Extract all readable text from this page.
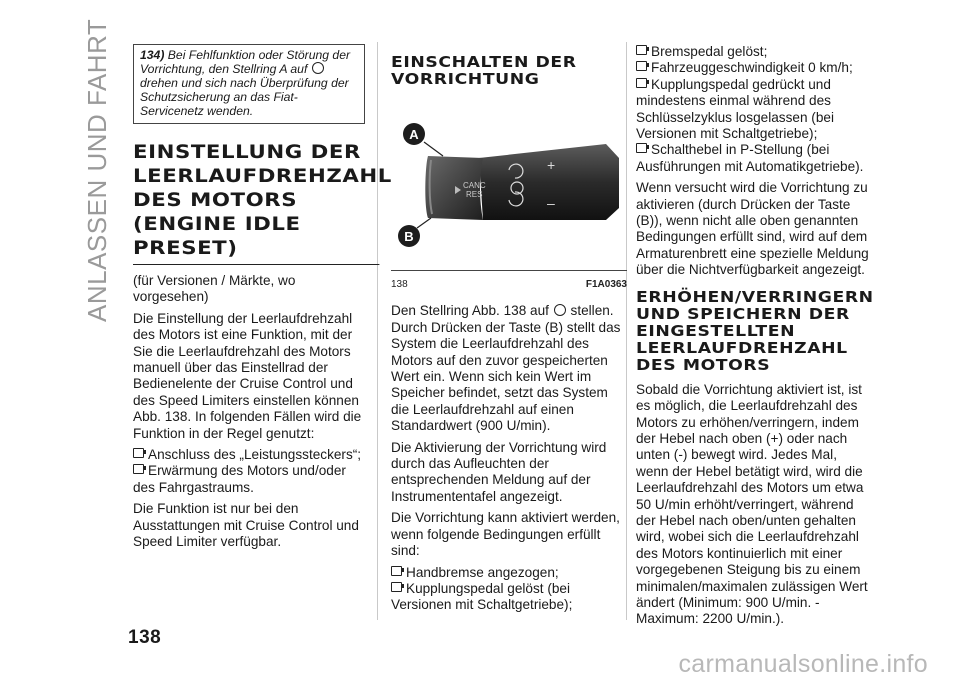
ANLASSEN UND FAHRT	134) Bei Fehlfunktion oder Störung der Vorrichtung, den Stellring A auf  drehen und sich nach Überprüfung der Schutzsicherung an das Fiat-Servicenetz wenden.
EINSTELLUNG DER LEERLAUFDREHZAHL DES MOTORS (ENGINE IDLE PRESET)

(für Versionen / Märkte, wo vorgesehen)

Die Einstellung der Leerlaufdrehzahl des Motors ist eine Funktion, mit der Sie die Leerlaufdrehzahl des Motors manuell über das Einstellrad der Bedienelente der Cruise Control und des Speed Limiters einstellen können Abb. 138. In folgenden Fällen wird die Funktion in der Regel genutzt:

Anschluss des „Leistungssteckers“;
Erwärmung des Motors und/oder des Fahrgastraums.

Die Funktion ist nur bei den Ausstattungen mit Cruise Control und Speed Limiter verfügbar.

EINSCHALTEN DER VORRICHTUNG
CANC
RES
+
–
A
B
138	F1A0363

Den Stellring Abb. 138 auf stellen. Durch Drücken der Taste (B) stellt das System die Leerlaufdrehzahl des Motors auf den zuvor gespeicherten Wert ein. Wenn sich kein Wert im Speicher befindet, setzt das System die Leerlaufdrehzahl auf einen Standardwert (900 U/min).

Die Aktivierung der Vorrichtung wird durch das Aufleuchten der entsprechenden Meldung auf der Instrumententafel angezeigt.

Die Vorrichtung kann aktiviert werden, wenn folgende Bedingungen erfüllt sind:

Handbremse angezogen;
Kupplungspedal gelöst (bei Versionen mit Schaltgetriebe);
Bremspedal gelöst;
Fahrzeuggeschwindigkeit 0 km/h;
Kupplungspedal gedrückt und mindestens einmal während des Schlüsselzyklus losgelassen (bei Versionen mit Schaltgetriebe);
Schalthebel in P-Stellung (bei Ausführungen mit Automatikgetriebe).

Wenn versucht wird die Vorrichtung zu aktivieren (durch Drücken der Taste (B)), wenn nicht alle oben genannten Bedingungen erfüllt sind, wird auf dem Armaturenbrett eine spezielle Meldung über die Nichtverfügbarkeit angezeigt.

ERHÖHEN/VERRINGERN UND SPEICHERN DER EINGESTELLTEN LEERLAUFDREHZAHL DES MOTORS

Sobald die Vorrichtung aktiviert ist, ist es möglich, die Leerlaufdrehzahl des Motors zu erhöhen/verringern, indem der Hebel nach oben (+) oder nach unten (-) bewegt wird. Jedes Mal, wenn der Hebel betätigt wird, wird die Leerlaufdrehzahl des Motors um etwa 50 U/min erhöht/verringert, während der Hebel nach oben/unten gehalten wird, wobei sich die Leerlaufdrehzahl des Motors kontinuierlich mit einer vorgegebenen Steigung bis zu einem minimalen/maximalen zulässigen Wert ändert (Minimum: 900 U/min. - Maximum: 2200 U/min.).

138
carmanualsonline.info
